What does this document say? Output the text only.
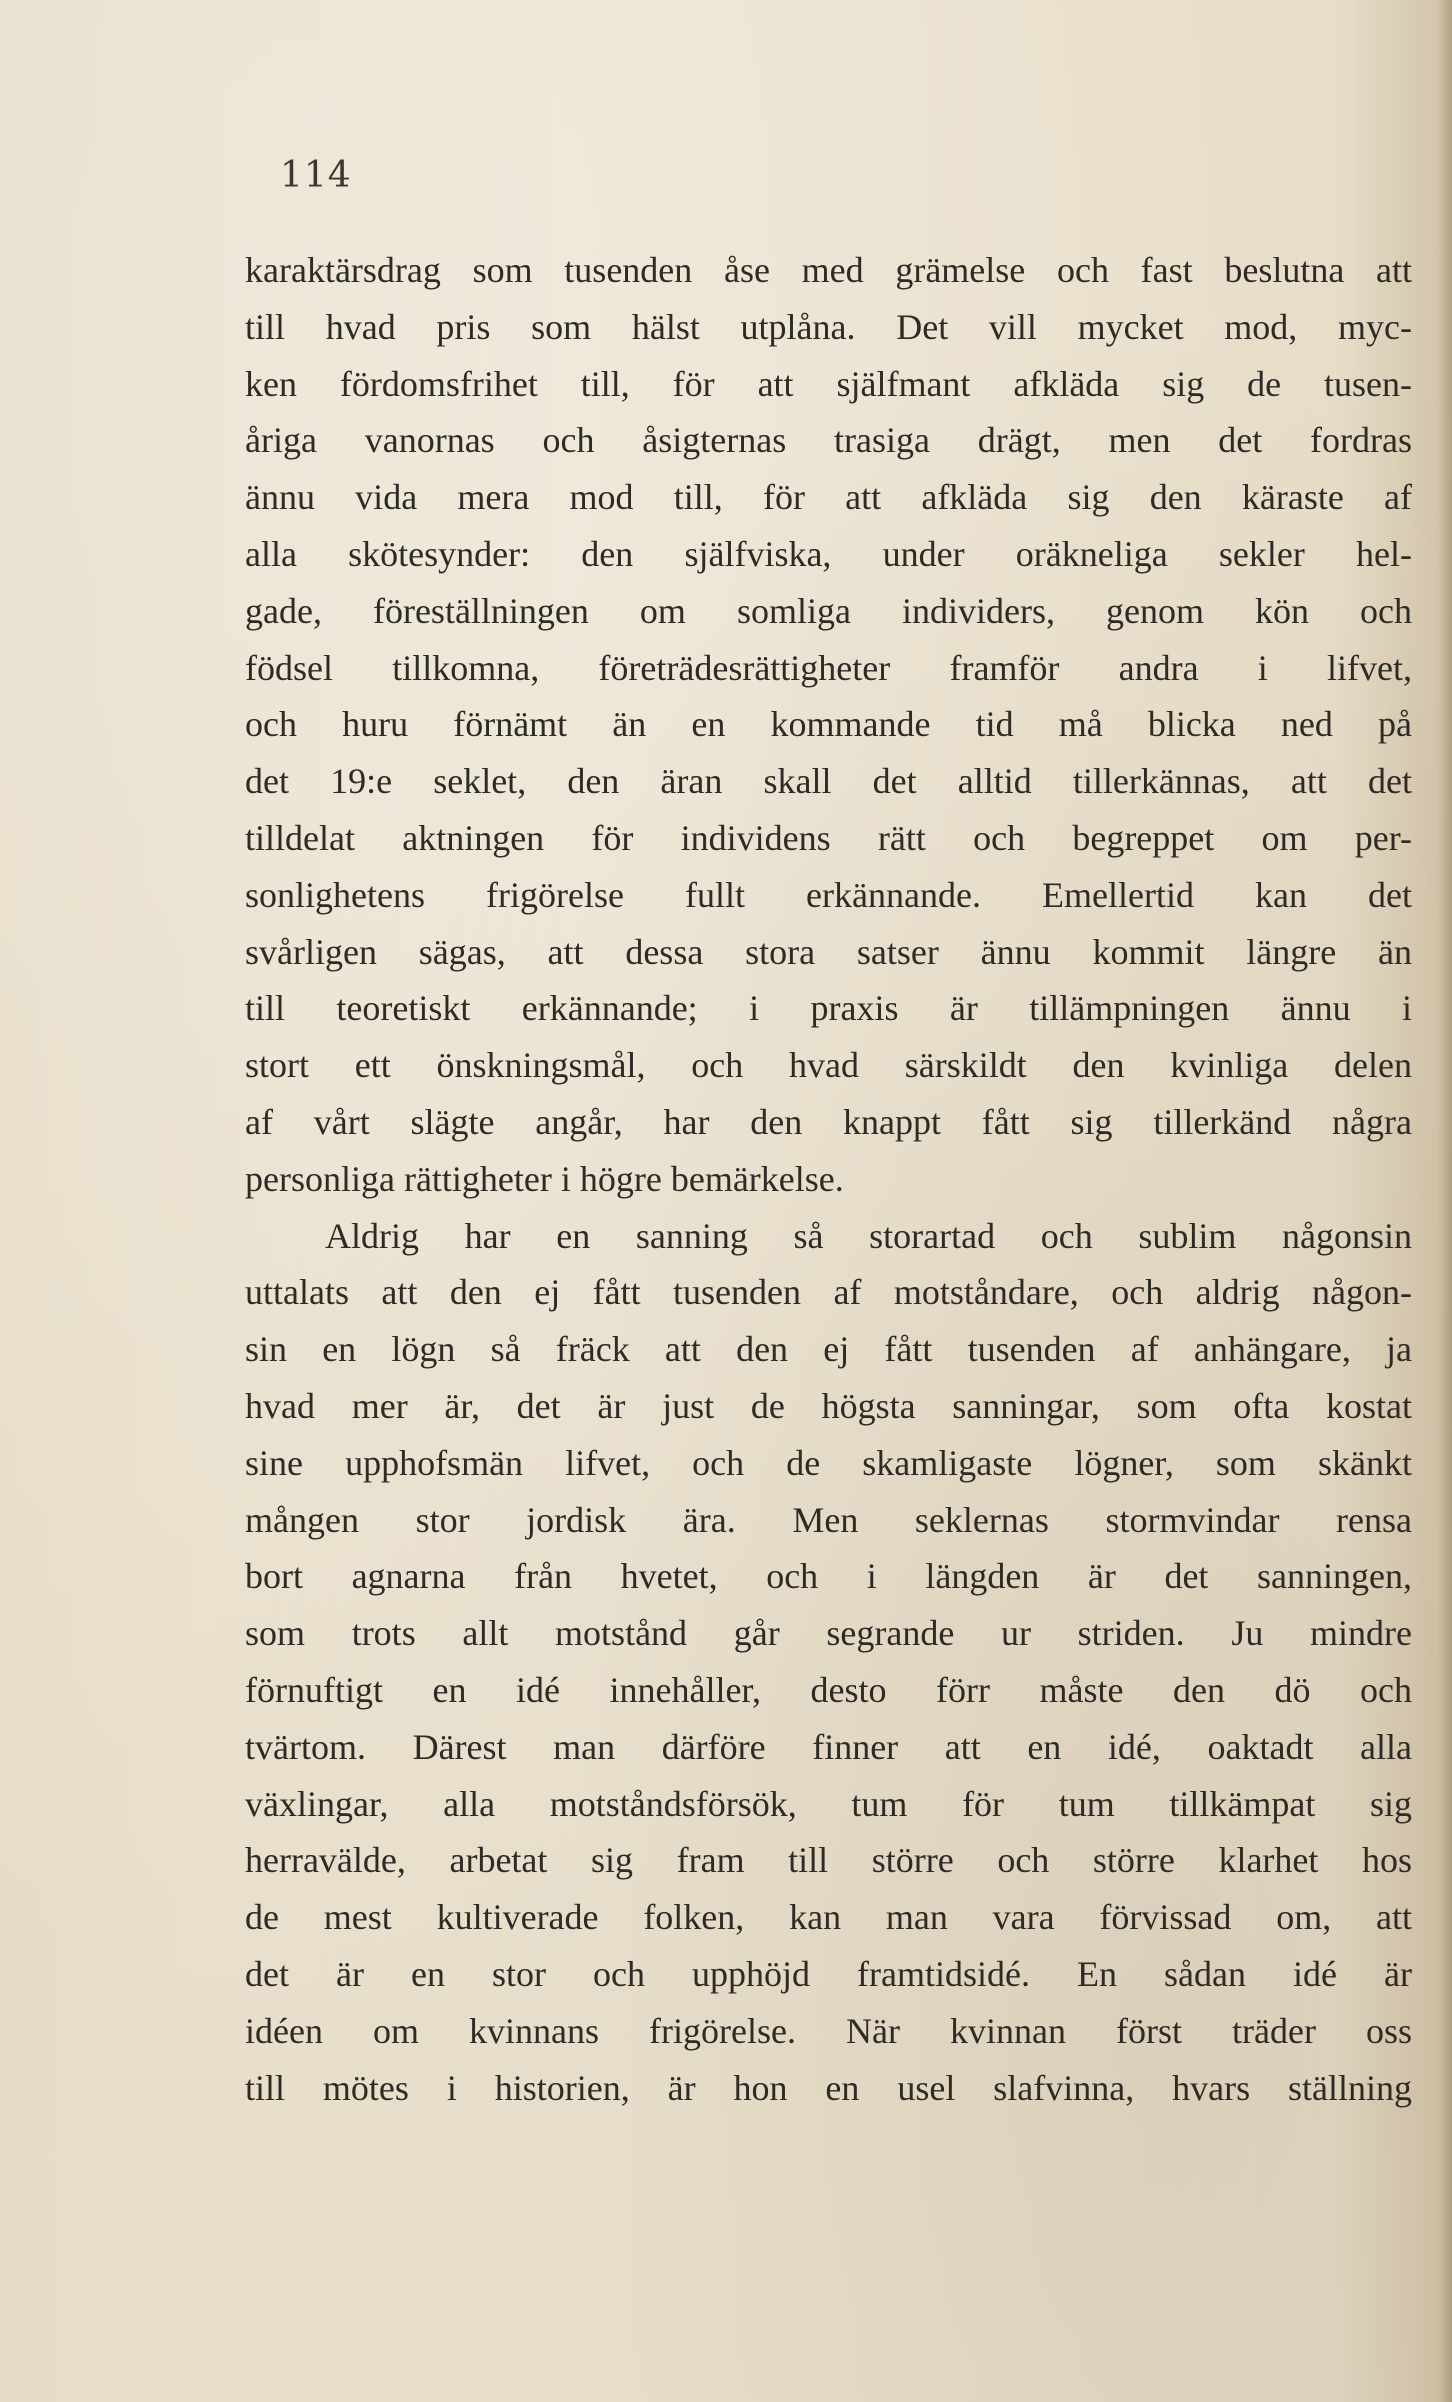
114
karaktärsdrag som tusenden åse med grämelse och fast beslutna att
till hvad pris som hälst utplåna. Det vill mycket mod, myc-
ken fördomsfrihet till, för att själfmant afkläda sig de tusen-
åriga vanornas och åsigternas trasiga drägt, men det fordras
ännu vida mera mod till, för att afkläda sig den käraste af
alla skötesynder: den själfviska, under oräkneliga sekler hel-
gade, föreställningen om somliga individers, genom kön och
födsel tillkomna, företrädesrättigheter framför andra i lifvet,
och huru förnämt än en kommande tid må blicka ned på
det 19:e seklet, den äran skall det alltid tillerkännas, att det
tilldelat aktningen för individens rätt och begreppet om per-
sonlighetens frigörelse fullt erkännande. Emellertid kan det
svårligen sägas, att dessa stora satser ännu kommit längre än
till teoretiskt erkännande; i praxis är tillämpningen ännu i
stort ett önskningsmål, och hvad särskildt den kvinliga delen
af vårt slägte angår, har den knappt fått sig tillerkänd några
personliga rättigheter i högre bemärkelse.
Aldrig har en sanning så storartad och sublim någonsin
uttalats att den ej fått tusenden af motståndare, och aldrig någon-
sin en lögn så fräck att den ej fått tusenden af anhängare, ja
hvad mer är, det är just de högsta sanningar, som ofta kostat
sine upphofsmän lifvet, och de skamligaste lögner, som skänkt
mången stor jordisk ära. Men seklernas stormvindar rensa
bort agnarna från hvetet, och i längden är det sanningen,
som trots allt motstånd går segrande ur striden. Ju mindre
förnuftigt en idé innehåller, desto förr måste den dö och
tvärtom. Därest man därföre finner att en idé, oaktadt alla
växlingar, alla motståndsförsök, tum för tum tillkämpat sig
herravälde, arbetat sig fram till större och större klarhet hos
de mest kultiverade folken, kan man vara förvissad om, att
det är en stor och upphöjd framtidsidé. En sådan idé är
idéen om kvinnans frigörelse. När kvinnan först träder oss
till mötes i historien, är hon en usel slafvinna, hvars ställning
